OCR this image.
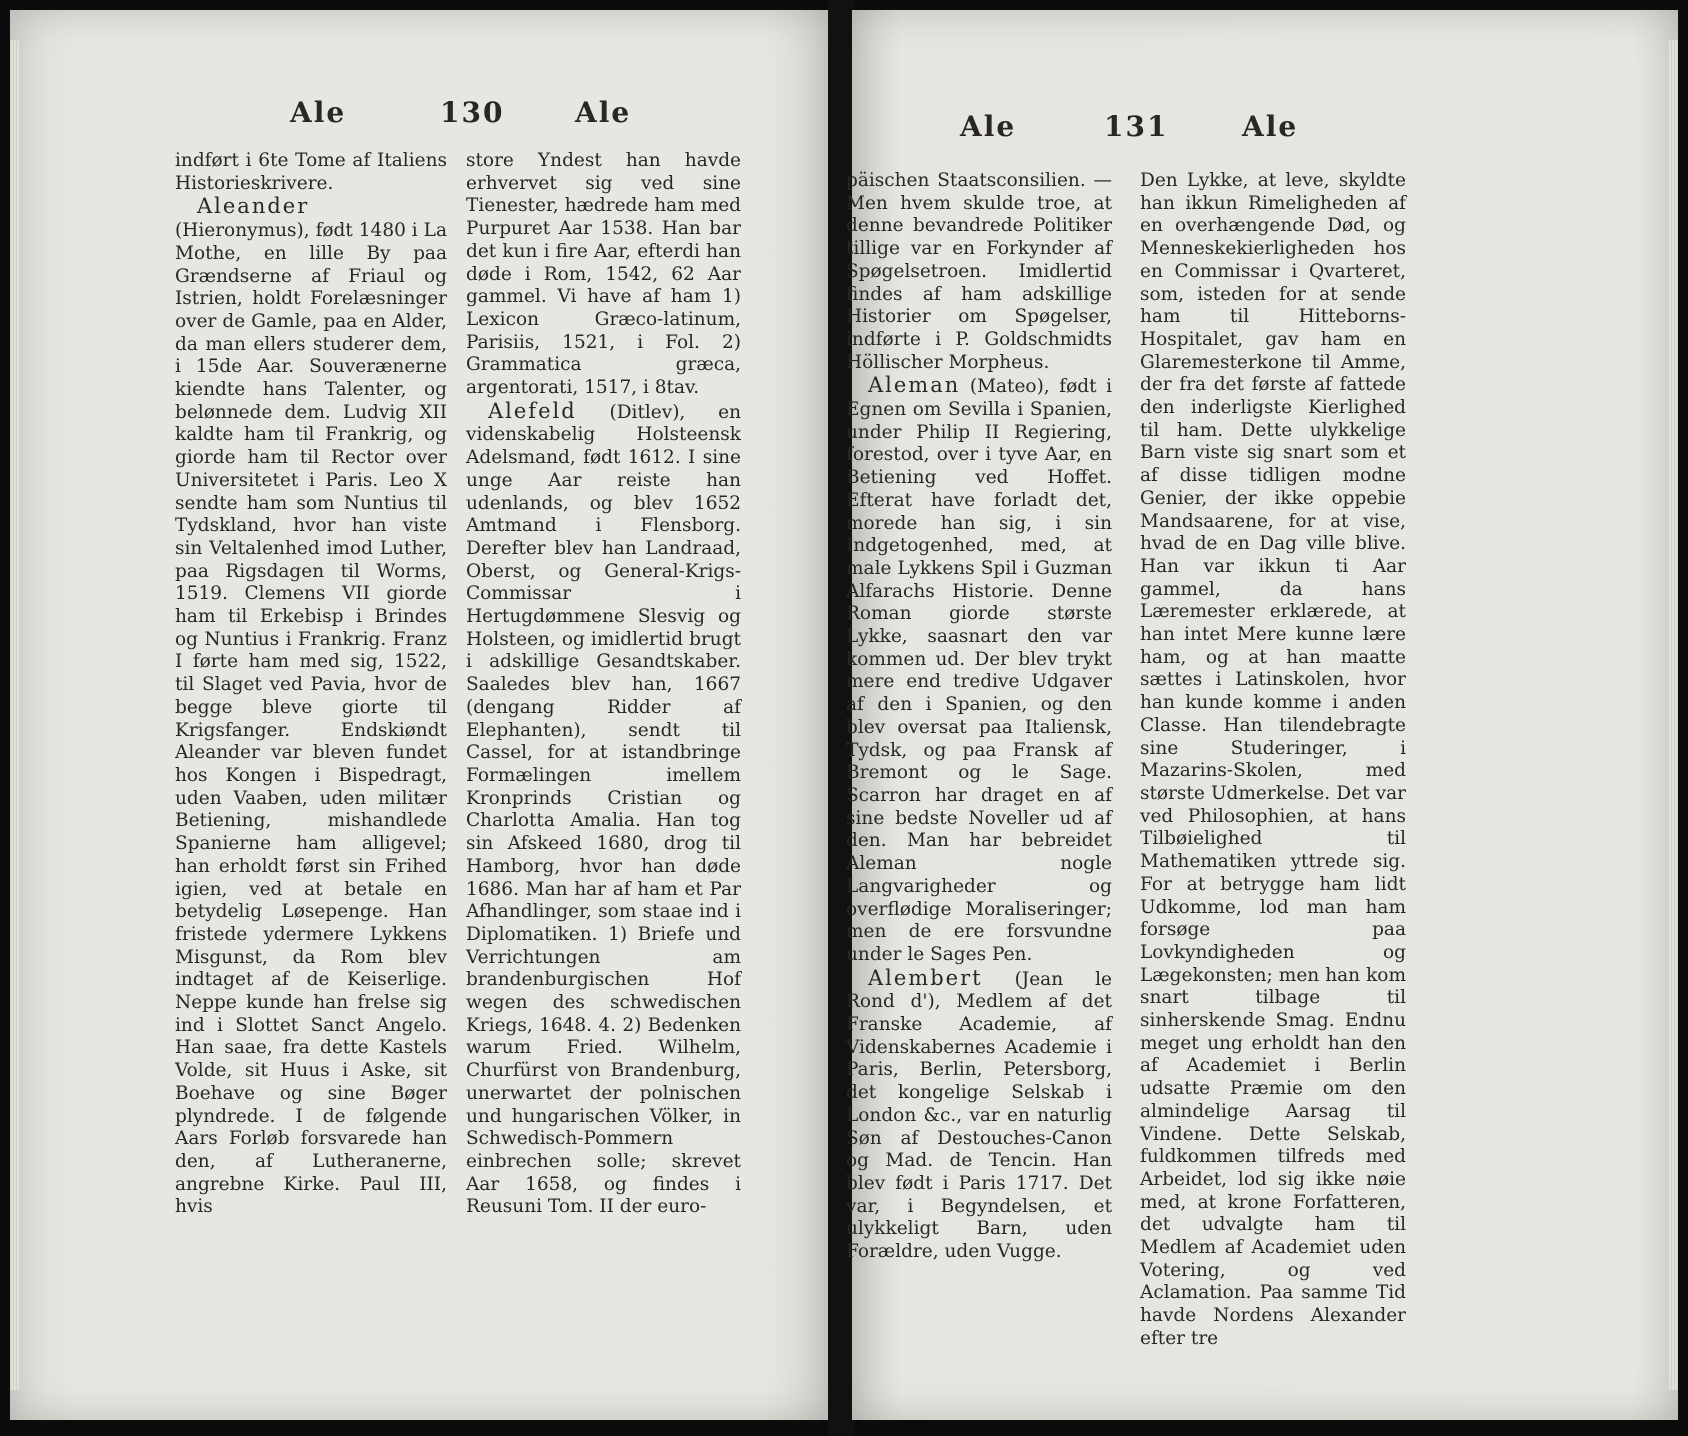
Ale	130	Ale

indført i 6te Tome af Italiens Historieskrivere.

Aleander (Hieronymus), født 1480 i La Mothe, en lille By paa Grændserne af Friaul og Istrien, holdt Forelæsninger over de Gamle, paa en Alder, da man ellers studerer dem, i 15de Aar. Souverænerne kiendte hans Talenter, og belønnede dem. Ludvig XII kaldte ham til Frankrig, og giorde ham til Rector over Universitetet i Paris. Leo X sendte ham som Nuntius til Tydskland, hvor han viste sin Veltalenhed imod Luther, paa Rigsdagen til Worms, 1519. Clemens VII giorde ham til Erkebisp i Brindes og Nuntius i Frankrig. Franz I førte ham med sig, 1522, til Slaget ved Pavia, hvor de begge bleve giorte til Krigsfanger. Endskiøndt Aleander var bleven fundet hos Kongen i Bispedragt, uden Vaaben, uden militær Betiening, mishandlede Spanierne ham alligevel; han erholdt først sin Frihed igien, ved at betale en betydelig Løsepenge. Han fristede ydermere Lykkens Misgunst, da Rom blev indtaget af de Keiserlige. Neppe kunde han frelse sig ind i Slottet Sanct Angelo. Han saae, fra dette Kastels Volde, sit Huus i Aske, sit Boehave og sine Bøger plyndrede. I de følgende Aars Forløb forsvarede han den, af Lutheranerne, angrebne Kirke. Paul III, hvis

store Yndest han havde erhvervet sig ved sine Tienester, hædrede ham med Purpuret Aar 1538. Han bar det kun i fire Aar, efterdi han døde i Rom, 1542, 62 Aar gammel. Vi have af ham 1) Lexicon Græco-latinum, Parisiis, 1521, i Fol. 2) Grammatica græca, argentorati, 1517, i 8tav.

Alefeld (Ditlev), en videnskabelig Holsteensk Adelsmand, født 1612. I sine unge Aar reiste han udenlands, og blev 1652 Amtmand i Flensborg. Derefter blev han Landraad, Oberst, og General-Krigs-Commissar i Hertugdømmene Slesvig og Holsteen, og imidlertid brugt i adskillige Gesandtskaber. Saaledes blev han, 1667 (dengang Ridder af Elephanten), sendt til Cassel, for at istandbringe Formælingen imellem Kronprinds Cristian og Charlotta Amalia. Han tog sin Afskeed 1680, drog til Hamborg, hvor han døde 1686. Man har af ham et Par Afhandlinger, som staae ind i Diplomatiken. 1) Briefe und Verrichtungen am brandenburgischen Hof wegen des schwedischen Kriegs, 1648. 4. 2) Bedenken warum Fried. Wilhelm, Churfürst von Brandenburg, unerwartet der polnischen und hungarischen Völker, in Schwedisch-Pommern einbrechen solle; skrevet Aar 1658, og findes i Reusuni Tom. II der euro-

Ale	131	Ale

päischen Staatsconsilien. — Men hvem skulde troe, at denne bevandrede Politiker tillige var en Forkynder af Spøgelsetroen. Imidlertid findes af ham adskillige Historier om Spøgelser, indførte i P. Goldschmidts Höllischer Morpheus.

Aleman (Mateo), født i Egnen om Sevilla i Spanien, under Philip II Regiering, forestod, over i tyve Aar, en Betiening ved Hoffet. Efterat have forladt det, morede han sig, i sin Indgetogenhed, med, at male Lykkens Spil i Guzman Alfarachs Historie. Denne Roman giorde største Lykke, saasnart den var kommen ud. Der blev trykt mere end tredive Udgaver af den i Spanien, og den blev oversat paa Italiensk, Tydsk, og paa Fransk af Bremont og le Sage. Scarron har draget en af sine bedste Noveller ud af den. Man har bebreidet Aleman nogle Langvarigheder og overflødige Moraliseringer; men de ere forsvundne under le Sages Pen.

Alembert (Jean le Rond d'), Medlem af det Franske Academie, af Videnskabernes Academie i Paris, Berlin, Petersborg, det kongelige Selskab i London &c., var en naturlig Søn af Destouches-Canon og Mad. de Tencin. Han blev født i Paris 1717. Det var, i Begyndelsen, et ulykkeligt Barn, uden Forældre, uden Vugge.

Den Lykke, at leve, skyldte han ikkun Rimeligheden af en overhængende Død, og Menneskekierligheden hos en Commissar i Qvarteret, som, isteden for at sende ham til Hitteborns-Hospitalet, gav ham en Glaremesterkone til Amme, der fra det første af fattede den inderligste Kierlighed til ham. Dette ulykkelige Barn viste sig snart som et af disse tidligen modne Genier, der ikke oppebie Mandsaarene, for at vise, hvad de en Dag ville blive. Han var ikkun ti Aar gammel, da hans Læremester erklærede, at han intet Mere kunne lære ham, og at han maatte sættes i Latinskolen, hvor han kunde komme i anden Classe. Han tilendebragte sine Studeringer, i Mazarins-Skolen, med største Udmerkelse. Det var ved Philosophien, at hans Tilbøielighed til Mathematiken yttrede sig. For at betrygge ham lidt Udkomme, lod man ham forsøge paa Lovkyndigheden og Lægekonsten; men han kom snart tilbage til sinherskende Smag. Endnu meget ung erholdt han den af Academiet i Berlin udsatte Præmie om den almindelige Aarsag til Vindene. Dette Selskab, fuldkommen tilfreds med Arbeidet, lod sig ikke nøie med, at krone Forfatteren, det udvalgte ham til Medlem af Academiet uden Votering, og ved Aclamation. Paa samme Tid havde Nordens Alexander efter tre
